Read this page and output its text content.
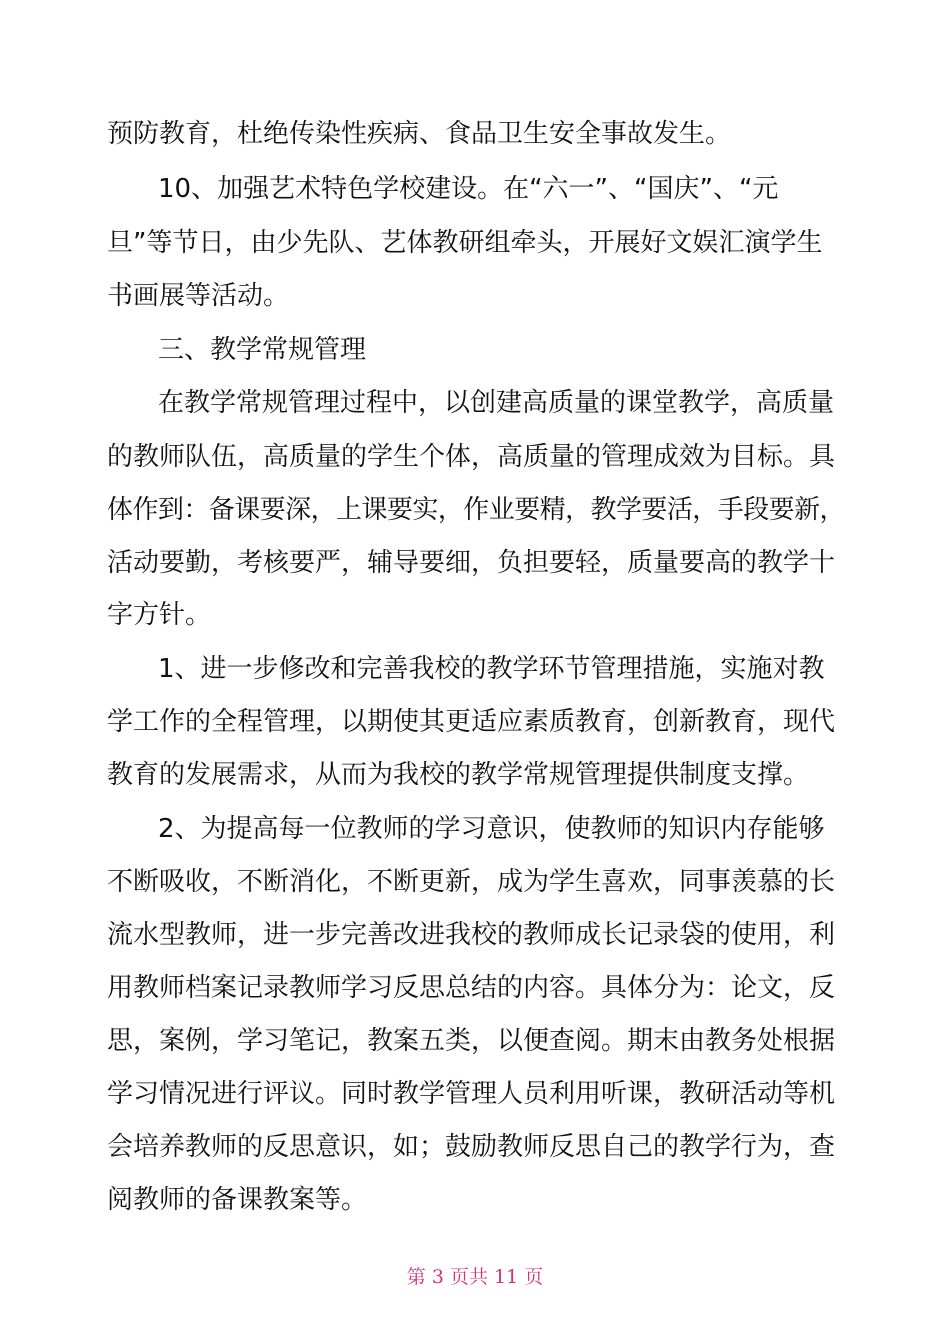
预防教育，杜绝传染性疾病、食品卫生安全事故发生。
10、加强艺术特色学校建设。在“六一”、“国庆”、“元
旦”等节日，由少先队、艺体教研组牵头，开展好文娱汇演学生
书画展等活动。
三、教学常规管理
在教学常规管理过程中，以创建高质量的课堂教学，高质量
的教师队伍，高质量的学生个体，高质量的管理成效为目标。具
体作到：备课要深，上课要实，作业要精，教学要活，手段要新，
活动要勤，考核要严，辅导要细，负担要轻，质量要高的教学十
字方针。
1、进一步修改和完善我校的教学环节管理措施，实施对教
学工作的全程管理，以期使其更适应素质教育，创新教育，现代
教育的发展需求，从而为我校的教学常规管理提供制度支撑。
2、为提高每一位教师的学习意识，使教师的知识内存能够
不断吸收，不断消化，不断更新，成为学生喜欢，同事羡慕的长
流水型教师，进一步完善改进我校的教师成长记录袋的使用，利
用教师档案记录教师学习反思总结的内容。具体分为：论文，反
思，案例，学习笔记，教案五类，以便查阅。期末由教务处根据
学习情况进行评议。同时教学管理人员利用听课，教研活动等机
会培养教师的反思意识，如；鼓励教师反思自己的教学行为，查
阅教师的备课教案等。
第 3 页共 11 页
